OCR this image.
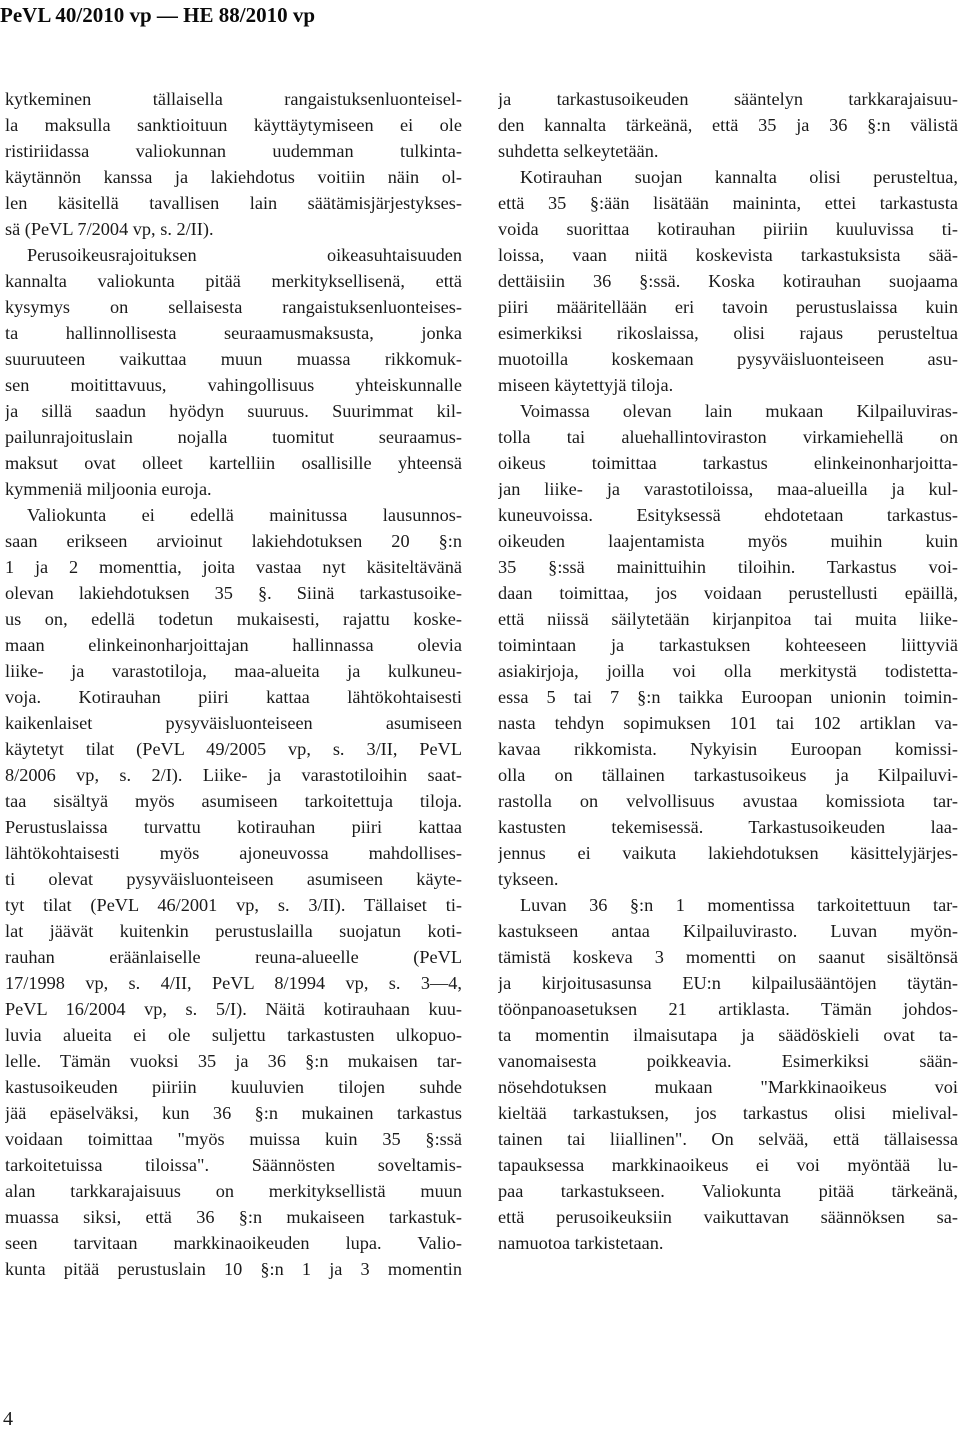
PeVL 40/2010 vp — HE 88/2010 vp
kytkeminen tällaisella rangaistuksenluonteisel-
la maksulla sanktioituun käyttäytymiseen ei ole
ristiriidassa valiokunnan uudemman tulkinta-
käytännön kanssa ja lakiehdotus voitiin näin ol-
len käsitellä tavallisen lain säätämisjärjestykses-
sä (PeVL 7/2004 vp, s. 2/II).
Perusoikeusrajoituksen oikeasuhtaisuuden
kannalta valiokunta pitää merkityksellisenä, että
kysymys on sellaisesta rangaistuksenluonteises-
ta hallinnollisesta seuraamusmaksusta, jonka
suuruuteen vaikuttaa muun muassa rikkomuk-
sen moitittavuus, vahingollisuus yhteiskunnalle
ja sillä saadun hyödyn suuruus. Suurimmat kil-
pailunrajoituslain nojalla tuomitut seuraamus-
maksut ovat olleet kartelliin osallisille yhteensä
kymmeniä miljoonia euroja.
Valiokunta ei edellä mainitussa lausunnos-
saan erikseen arvioinut lakiehdotuksen 20 §:n
1 ja 2 momenttia, joita vastaa nyt käsiteltävänä
olevan lakiehdotuksen 35 §. Siinä tarkastusoike-
us on, edellä todetun mukaisesti, rajattu koske-
maan elinkeinonharjoittajan hallinnassa olevia
liike- ja varastotiloja, maa-alueita ja kulkuneu-
voja. Kotirauhan piiri kattaa lähtökohtaisesti
kaikenlaiset pysyväisluonteiseen asumiseen
käytetyt tilat (PeVL 49/2005 vp, s. 3/II, PeVL
8/2006 vp, s. 2/I). Liike- ja varastotiloihin saat-
taa sisältyä myös asumiseen tarkoitettuja tiloja.
Perustuslaissa turvattu kotirauhan piiri kattaa
lähtökohtaisesti myös ajoneuvossa mahdollises-
ti olevat pysyväisluonteiseen asumiseen käyte-
tyt tilat (PeVL 46/2001 vp, s. 3/II). Tällaiset ti-
lat jäävät kuitenkin perustuslailla suojatun koti-
rauhan eräänlaiselle reuna-alueelle (PeVL
17/1998 vp, s. 4/II, PeVL 8/1994 vp, s. 3—4,
PeVL 16/2004 vp, s. 5/I). Näitä kotirauhaan kuu-
luvia alueita ei ole suljettu tarkastusten ulkopuo-
lelle. Tämän vuoksi 35 ja 36 §:n mukaisen tar-
kastusoikeuden piiriin kuuluvien tilojen suhde
jää epäselväksi, kun 36 §:n mukainen tarkastus
voidaan toimittaa "myös muissa kuin 35 §:ssä
tarkoitetuissa tiloissa". Säännösten soveltamis-
alan tarkkarajaisuus on merkityksellistä muun
muassa siksi, että 36 §:n mukaiseen tarkastuk-
seen tarvitaan markkinaoikeuden lupa. Valio-
kunta pitää perustuslain 10 §:n 1 ja 3 momentin
ja tarkastusoikeuden sääntelyn tarkkarajaisuu-
den kannalta tärkeänä, että 35 ja 36 §:n välistä
suhdetta selkeytetään.
Kotirauhan suojan kannalta olisi perusteltua,
että 35 §:ään lisätään maininta, ettei tarkastusta
voida suorittaa kotirauhan piiriin kuuluvissa ti-
loissa, vaan niitä koskevista tarkastuksista sää-
dettäisiin 36 §:ssä. Koska kotirauhan suojaama
piiri määritellään eri tavoin perustuslaissa kuin
esimerkiksi rikoslaissa, olisi rajaus perusteltua
muotoilla koskemaan pysyväisluonteiseen asu-
miseen käytettyjä tiloja.
Voimassa olevan lain mukaan Kilpailuviras-
tolla tai aluehallintoviraston virkamiehellä on
oikeus toimittaa tarkastus elinkeinonharjoitta-
jan liike- ja varastotiloissa, maa-alueilla ja kul-
kuneuvoissa. Esityksessä ehdotetaan tarkastus-
oikeuden laajentamista myös muihin kuin
35 §:ssä mainittuihin tiloihin. Tarkastus voi-
daan toimittaa, jos voidaan perustellusti epäillä,
että niissä säilytetään kirjanpitoa tai muita liike-
toimintaan ja tarkastuksen kohteeseen liittyviä
asiakirjoja, joilla voi olla merkitystä todistetta-
essa 5 tai 7 §:n taikka Euroopan unionin toimin-
nasta tehdyn sopimuksen 101 tai 102 artiklan va-
kavaa rikkomista. Nykyisin Euroopan komissi-
olla on tällainen tarkastusoikeus ja Kilpailuvi-
rastolla on velvollisuus avustaa komissiota tar-
kastusten tekemisessä. Tarkastusoikeuden laa-
jennus ei vaikuta lakiehdotuksen käsittelyjärjes-
tykseen.
Luvan 36 §:n 1 momentissa tarkoitettuun tar-
kastukseen antaa Kilpailuvirasto. Luvan myön-
tämistä koskeva 3 momentti on saanut sisältönsä
ja kirjoitusasunsa EU:n kilpailusääntöjen täytän-
töönpanoasetuksen 21 artiklasta. Tämän johdos-
ta momentin ilmaisutapa ja säädöskieli ovat ta-
vanomaisesta poikkeavia. Esimerkiksi sään-
nösehdotuksen mukaan "Markkinaoikeus voi
kieltää tarkastuksen, jos tarkastus olisi mielival-
tainen tai liiallinen". On selvää, että tällaisessa
tapauksessa markkinaoikeus ei voi myöntää lu-
paa tarkastukseen. Valiokunta pitää tärkeänä,
että perusoikeuksiin vaikuttavan säännöksen sa-
namuotoa tarkistetaan.
4
